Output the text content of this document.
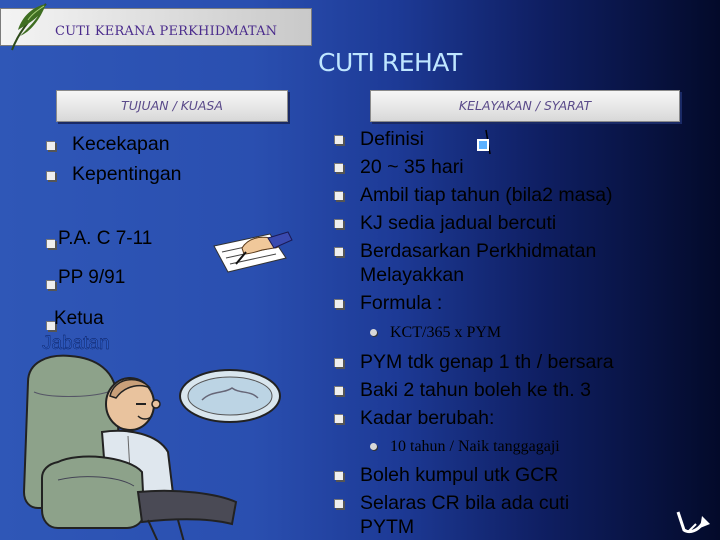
CUTI KERANA PERKHIDMATAN
CUTI REHAT
TUJUAN / KUASA	KELAYAKAN / SYARAT
Kecekapan
Kepentingan
P.A. C 7-11
PP 9/91
Ketua
Jabatan
Definisi
20 ~ 35 hari
Ambil tiap tahun (bila2 masa)
KJ sedia jadual bercuti
Berdasarkan Perkhidmatan
Melayakkan
Formula :
KCT/365 x PYM
PYM tdk genap 1 th / bersara
Baki 2 tahun boleh ke th. 3
Kadar berubah:
10 tahun / Naik tanggagaji
Boleh kumpul utk GCR
Selaras CR bila ada cuti
PYTM
